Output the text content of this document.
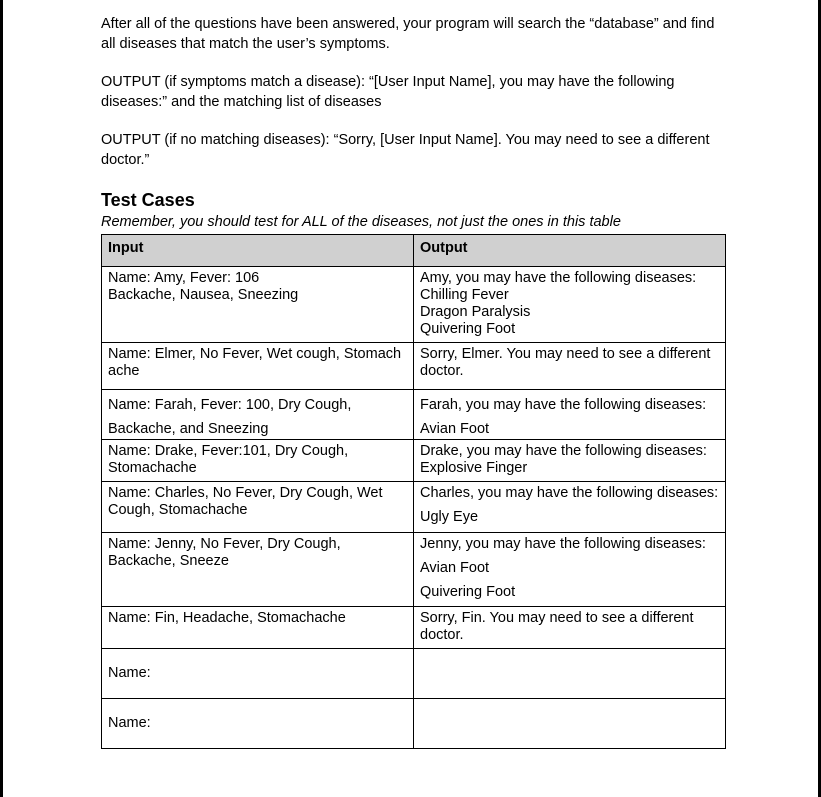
After all of the questions have been answered, your program will search the “database” and find all diseases that match the user’s symptoms.

OUTPUT (if symptoms match a disease): “[User Input Name], you may have the following diseases:” and the matching list of diseases

OUTPUT (if no matching diseases): “Sorry, [User Input Name]. You may need to see a different doctor.”

Test Cases
Remember, you should test for ALL of the diseases, not just the ones in this table
Input	Output

Name: Amy, Fever: 106
Backache, Nausea, Sneezing	Amy, you may have the following diseases:
Chilling Fever
Dragon Paralysis
Quivering Foot

Name: Elmer, No Fever, Wet cough, Stomach
ache	Sorry, Elmer. You may need to see a different
doctor.

Name: Farah, Fever: 100, Dry Cough,
Backache, and Sneezing	Farah, you may have the following diseases:
Avian Foot

Name: Drake, Fever:101, Dry Cough,
Stomachache	Drake, you may have the following diseases:
Explosive Finger

Name: Charles, No Fever, Dry Cough, Wet
Cough, Stomachache	Charles, you may have the following diseases:
Ugly Eye

Name: Jenny, No Fever, Dry Cough,
Backache, Sneeze	Jenny, you may have the following diseases:
Avian Foot
Quivering Foot

Name: Fin, Headache, Stomachache	Sorry, Fin. You may need to see a different
doctor.

Name:	

Name:	
